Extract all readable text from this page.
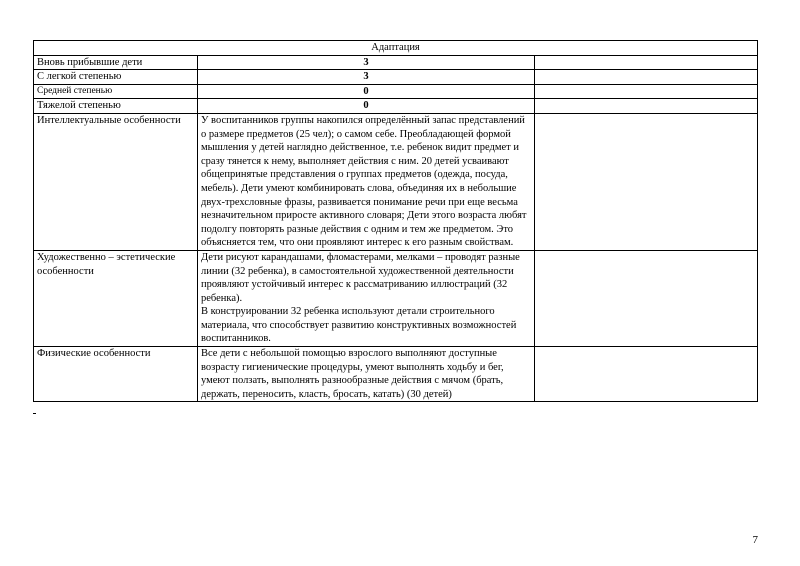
Адаптация		
Вновь прибывшие дети	3	
С легкой степенью	3	
Средней степенью	0	
Тяжелой степенью	0	
Интеллектуальные особенности	У воспитанников группы накопился определённый запас представлений о размере предметов (25 чел); о самом себе. Преобладающей формой мышления у детей наглядно действенное, т.е. ребенок видит предмет и сразу тянется к нему, выполняет действия с ним. 20 детей усваивают общепринятые представления о группах предметов (одежда, посуда, мебель). Дети умеют комбинировать слова, объединяя их в небольшие двух-трехсловные фразы, развивается понимание речи при еще весьма незначительном приросте активного словаря; Дети этого возраста любят подолгу повторять разные действия с одним и тем же предметом. Это объясняется тем, что они проявляют интерес к его разным свойствам.	
Художественно – эстетические особенности	Дети рисуют карандашами, фломастерами, мелками – проводят разные линии (32 ребенка), в самостоятельной художественной деятельности проявляют устойчивый интерес к рассматриванию иллюстраций (32 ребенка).
В конструировании 32 ребенка используют детали строительного материала, что способствует развитию конструктивных возможностей воспитанников.	

Физические особенности	Все дети с небольшой помощью взрослого выполняют доступные возрасту гигиенические процедуры, умеют выполнять ходьбу и бег, умеют ползать, выполнять разнообразные действия с мячом (брать, держать, переносить, класть, бросать, катать) (30 детей)	
7
